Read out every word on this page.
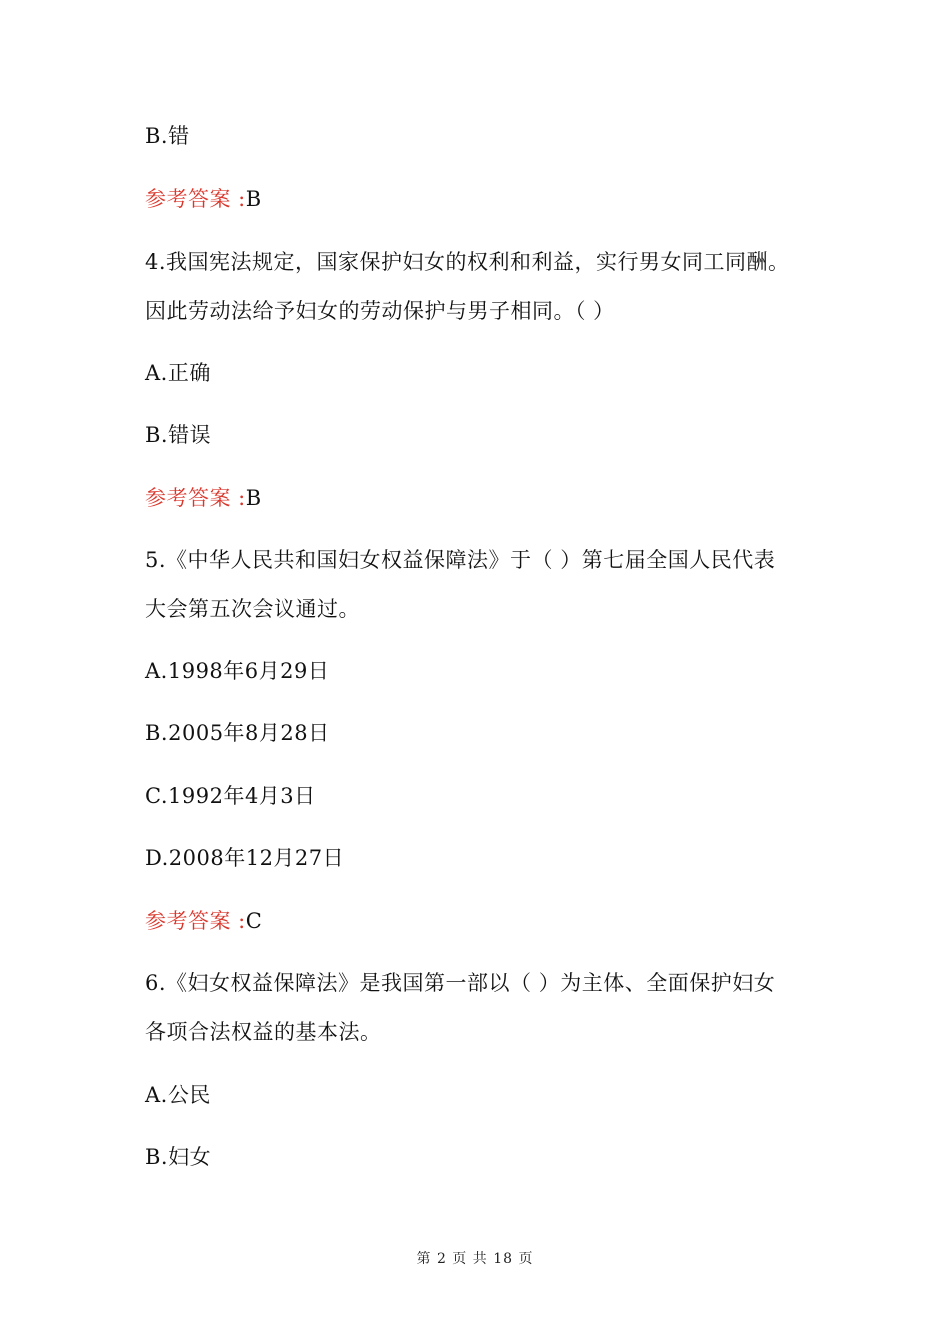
B.错
参考答案 :B
4.我国宪法规定，国家保护妇女的权利和利益，实行男女同工同酬。
因此劳动法给予妇女的劳动保护与男子相同。（ ）
A.正确
B.错误
参考答案 :B
5.《中华人民共和国妇女权益保障法》于（ ）第七届全国人民代表
大会第五次会议通过。
A.1998年6月29日
B.2005年8月28日
C.1992年4月3日
D.2008年12月27日
参考答案 :C
6.《妇女权益保障法》是我国第一部以（ ）为主体、全面保护妇女
各项合法权益的基本法。
A.公民
B.妇女
第 2 页 共 18 页
